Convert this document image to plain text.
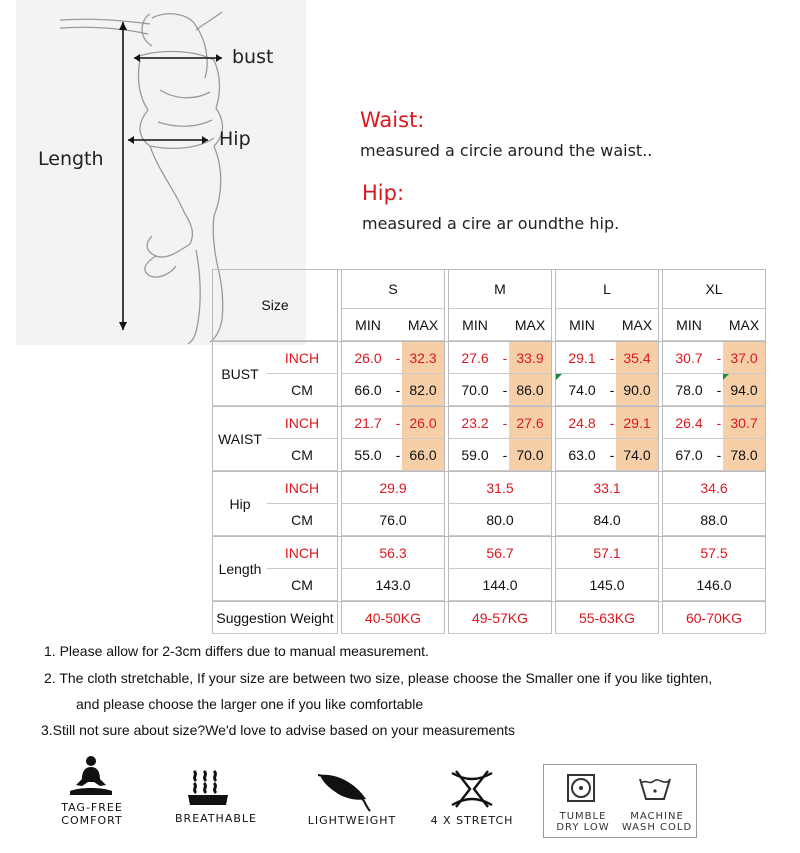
bust
Hip
Length
Waist:
measured a circie around the waist..
Hip:
measured a cire ar oundthe hip.
Size			S		M		L		XL

MIN MAX		MIN MAX		MIN MAX		MIN MAX

BUST	INCH		26.0 - 32.3		27.6 - 33.9		29.1 - 35.4		30.7 - 37.0

	CM		66.0 - 82.0		70.0 - 86.0		74.0 - 90.0		78.0 - 94.0

WAIST	INCH		21.7 - 26.0		23.2 - 27.6		24.8 - 29.1		26.4 - 30.7

	CM		55.0 - 66.0		59.0 - 70.0		63.0 - 74.0		67.0 - 78.0

Hip	INCH		29.9		31.5		33.1		34.6
	CM		76.0		80.0		84.0		88.0
Length	INCH		56.3		56.7		57.1		57.5
	CM		143.0		144.0		145.0		146.0
Suggestion Weight			40-50KG		49-57KG		55-63KG		60-70KG
1. Please allow for 2-3cm differs due to manual measurement.
2. The cloth stretchable, If your size are between two size, please choose the Smaller one if you like tighten,
and please choose the larger one if you like comfortable
3.Still not sure about size?We'd love to advise based on your measurements
TAG-FREE
COMFORT	BREATHABLE	LIGHTWEIGHT	4 X STRETCH	TUMBLE
DRY LOW
MACHINE
WASH COLD
